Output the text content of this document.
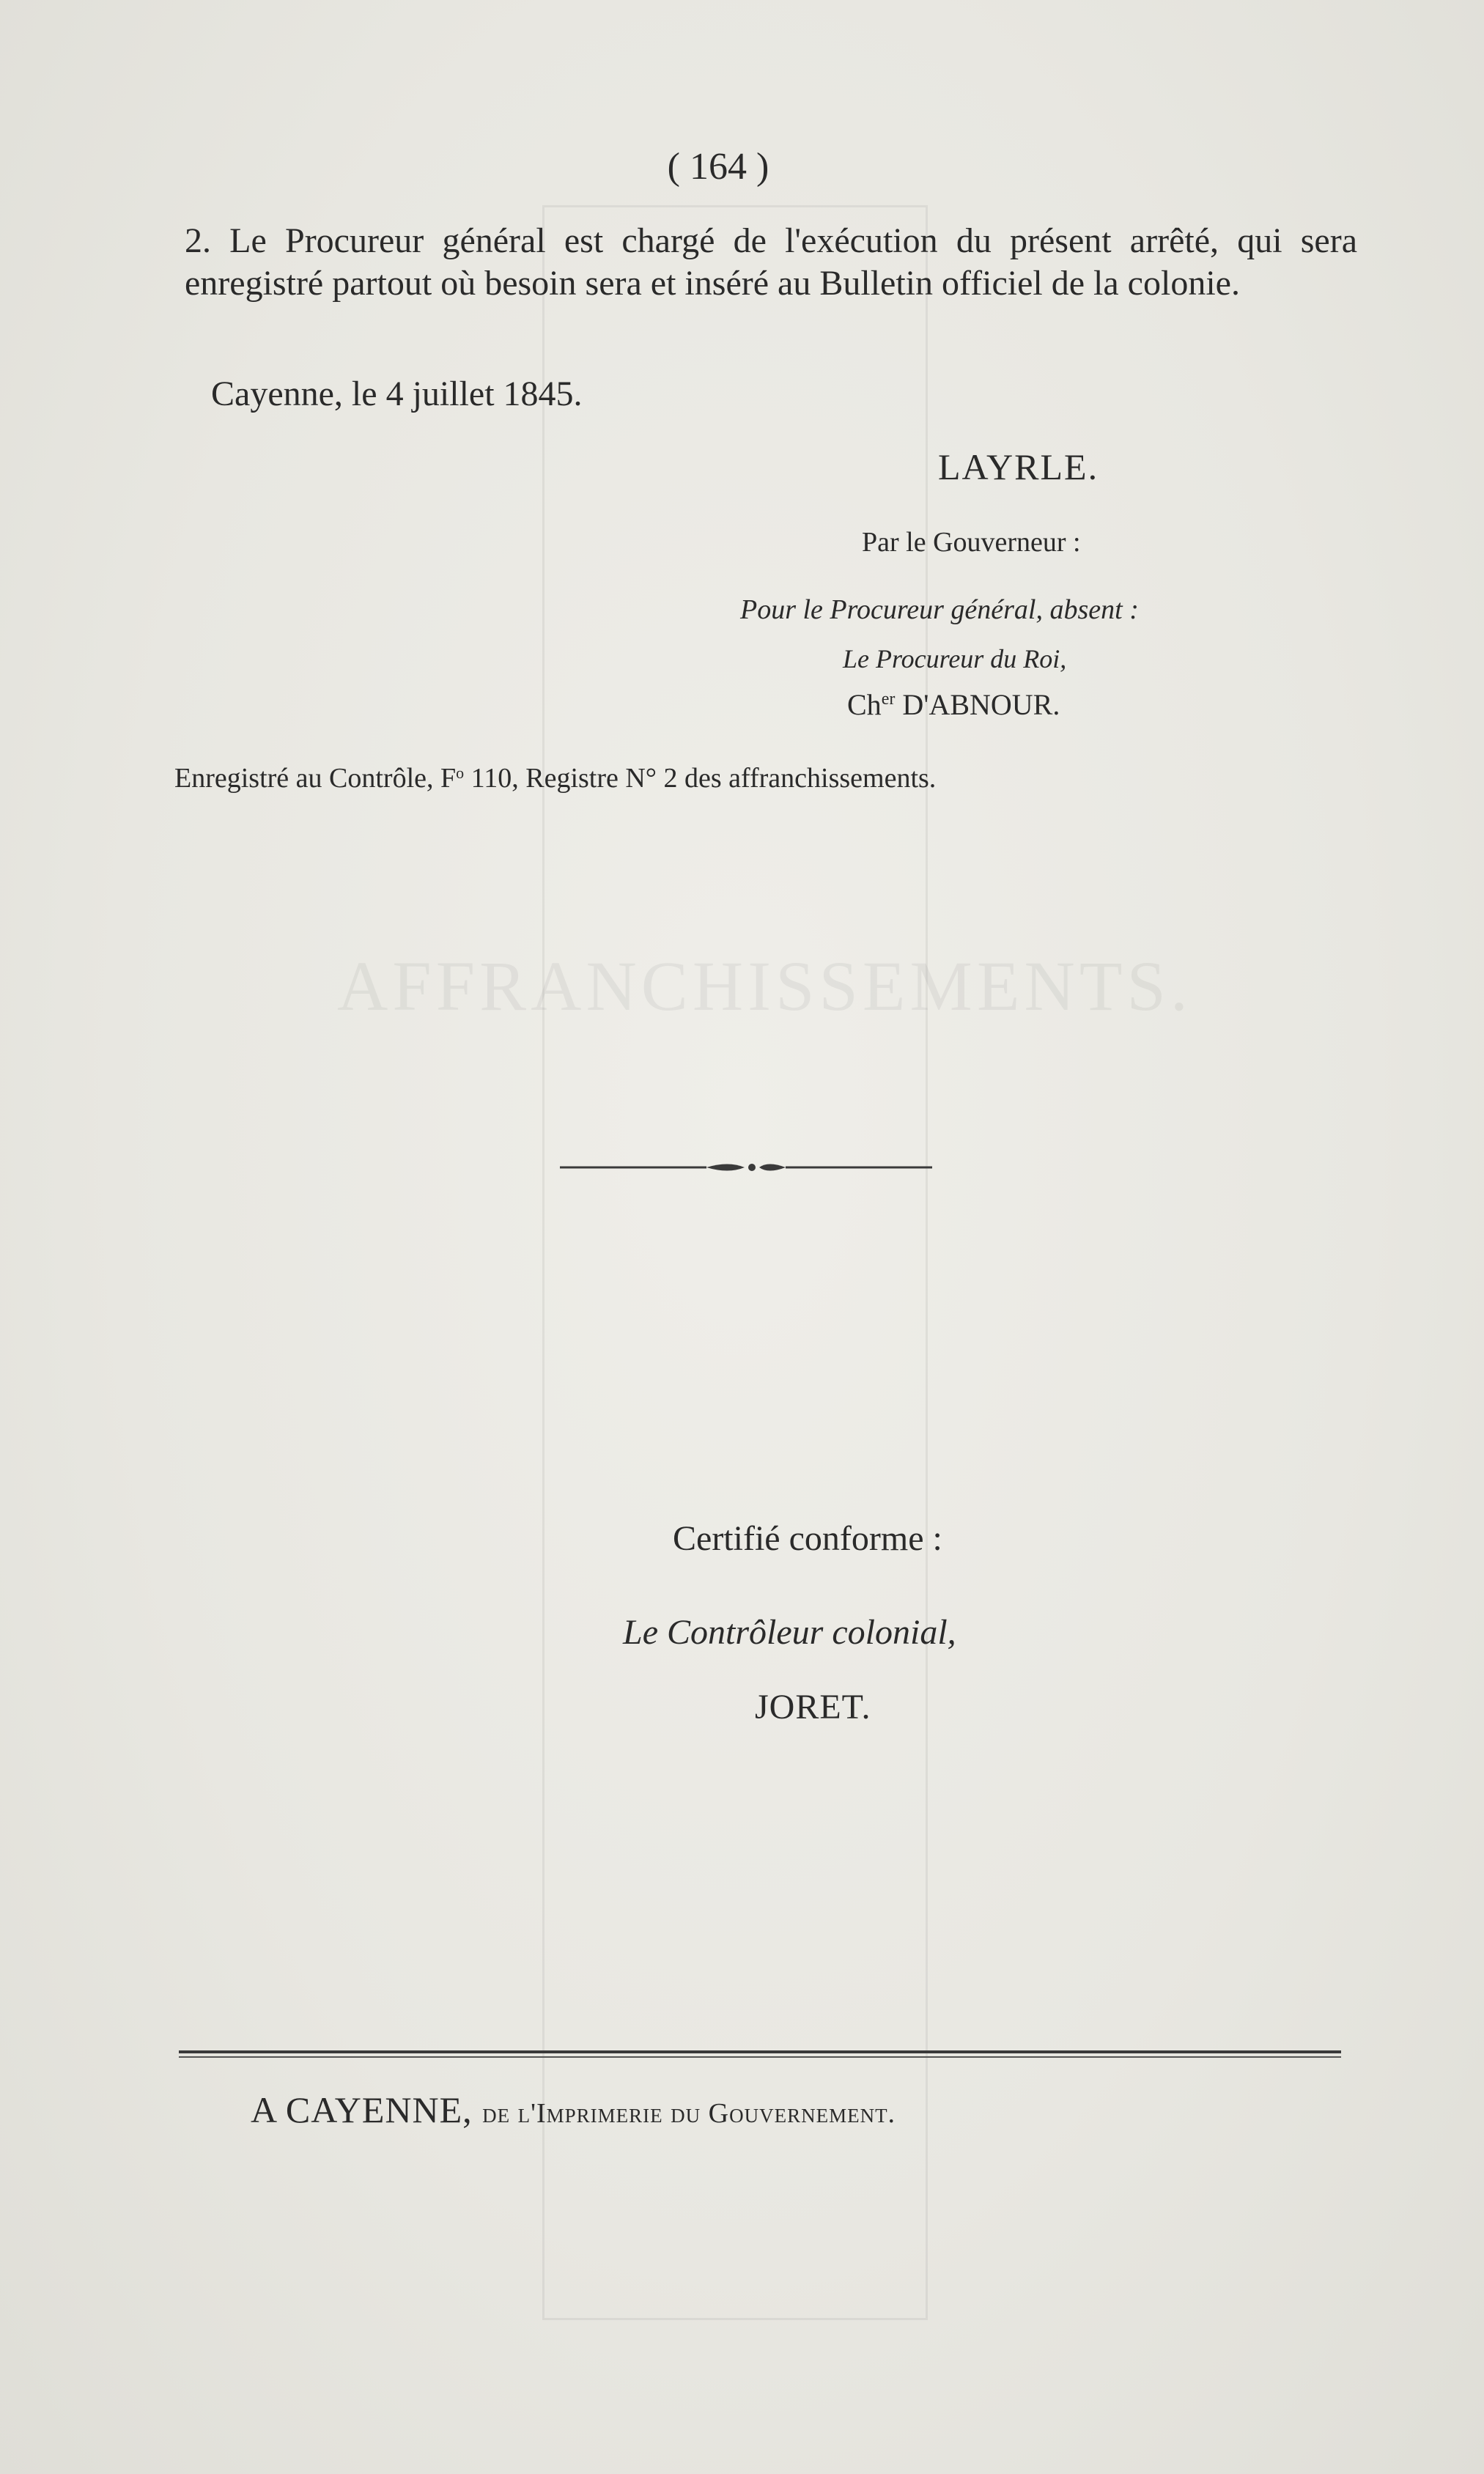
AFFRANCHISSEMENTS.
( 164 )
2. Le Procureur général est chargé de l'exécution du présent arrêté, qui sera enregistré partout où besoin sera et inséré au Bulletin officiel de la colonie.
Cayenne, le 4 juillet 1845.
LAYRLE.
Par le Gouverneur :
Pour le Procureur général, absent :
Le Procureur du Roi,
$Ch^{er}$ D'ABNOUR.
Enregistré au Contrôle, $F^o$ 110, Registre N° 2 des affranchissements.
Certifié conforme :
Le Contrôleur colonial,
JORET.
A CAYENNE, de l'Imprimerie du Gouvernement.
